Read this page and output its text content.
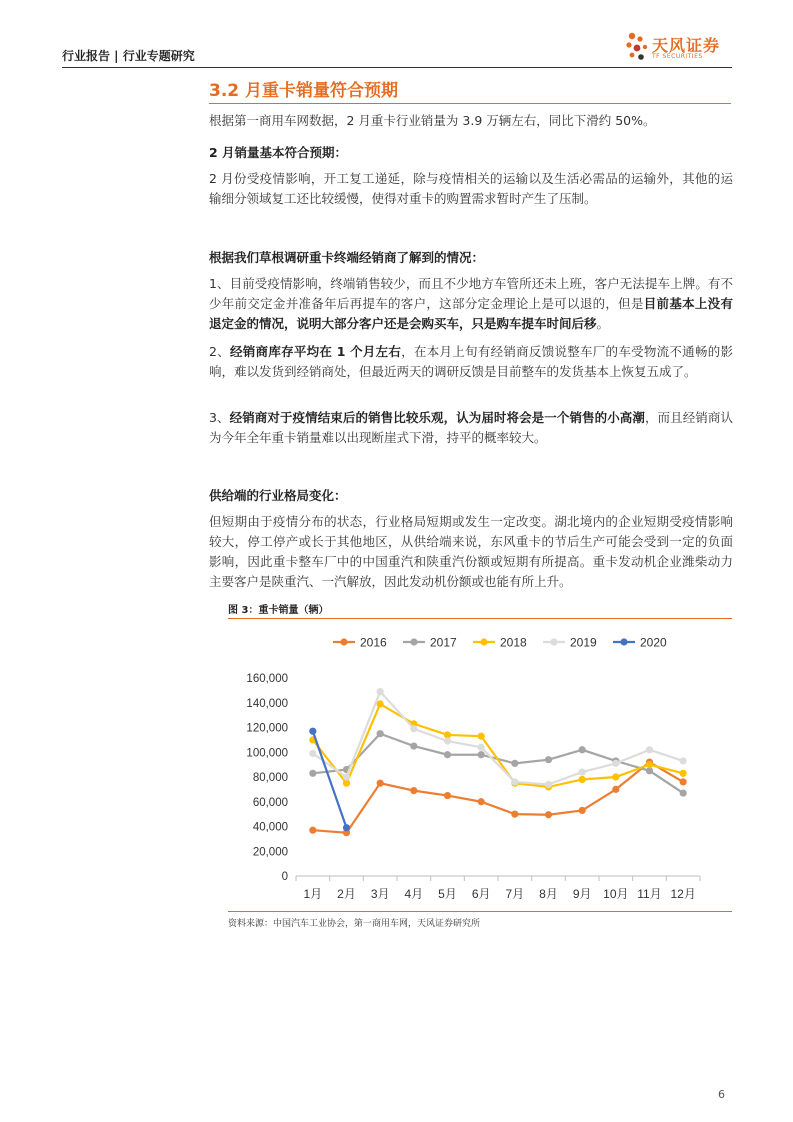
行业报告 | 行业专题研究
天风证券
TF SECURITIES
3.2 月重卡销量符合预期
根据第一商用车网数据，2 月重卡行业销量为 3.9 万辆左右，同比下滑约 50%。
2 月销量基本符合预期：
2 月份受疫情影响，开工复工递延，除与疫情相关的运输以及生活必需品的运输外，其他的运输细分领域复工还比较缓慢，使得对重卡的购置需求暂时产生了压制。
根据我们草根调研重卡终端经销商了解到的情况：
1、目前受疫情影响，终端销售较少，而且不少地方车管所还未上班，客户无法提车上牌。有不少年前交定金并准备年后再提车的客户，这部分定金理论上是可以退的，但是目前基本上没有退定金的情况，说明大部分客户还是会购买车，只是购车提车时间后移。
2、经销商库存平均在 1 个月左右，在本月上旬有经销商反馈说整车厂的车受物流不通畅的影响，难以发货到经销商处，但最近两天的调研反馈是目前整车的发货基本上恢复五成了。
3、经销商对于疫情结束后的销售比较乐观，认为届时将会是一个销售的小高潮，而且经销商认为今年全年重卡销量难以出现断崖式下滑，持平的概率较大。
供给端的行业格局变化：
但短期由于疫情分布的状态，行业格局短期或发生一定改变。湖北境内的企业短期受疫情影响较大，停工停产或长于其他地区，从供给端来说，东风重卡的节后生产可能会受到一定的负面影响，因此重卡整车厂中的中国重汽和陕重汽份额或短期有所提高。重卡发动机企业潍柴动力主要客户是陕重汽、一汽解放，因此发动机份额或也能有所上升。
图 3：重卡销量（辆）
0
20,000
40,000
60,000
80,000
100,000
120,000
140,000
160,000
1月 2月 3月 4月 5月 6月 7月 8月 9月 10月 11月 12月
2016	2017	2018	2019	2020
资料来源：中国汽车工业协会，第一商用车网，天风证券研究所
6
